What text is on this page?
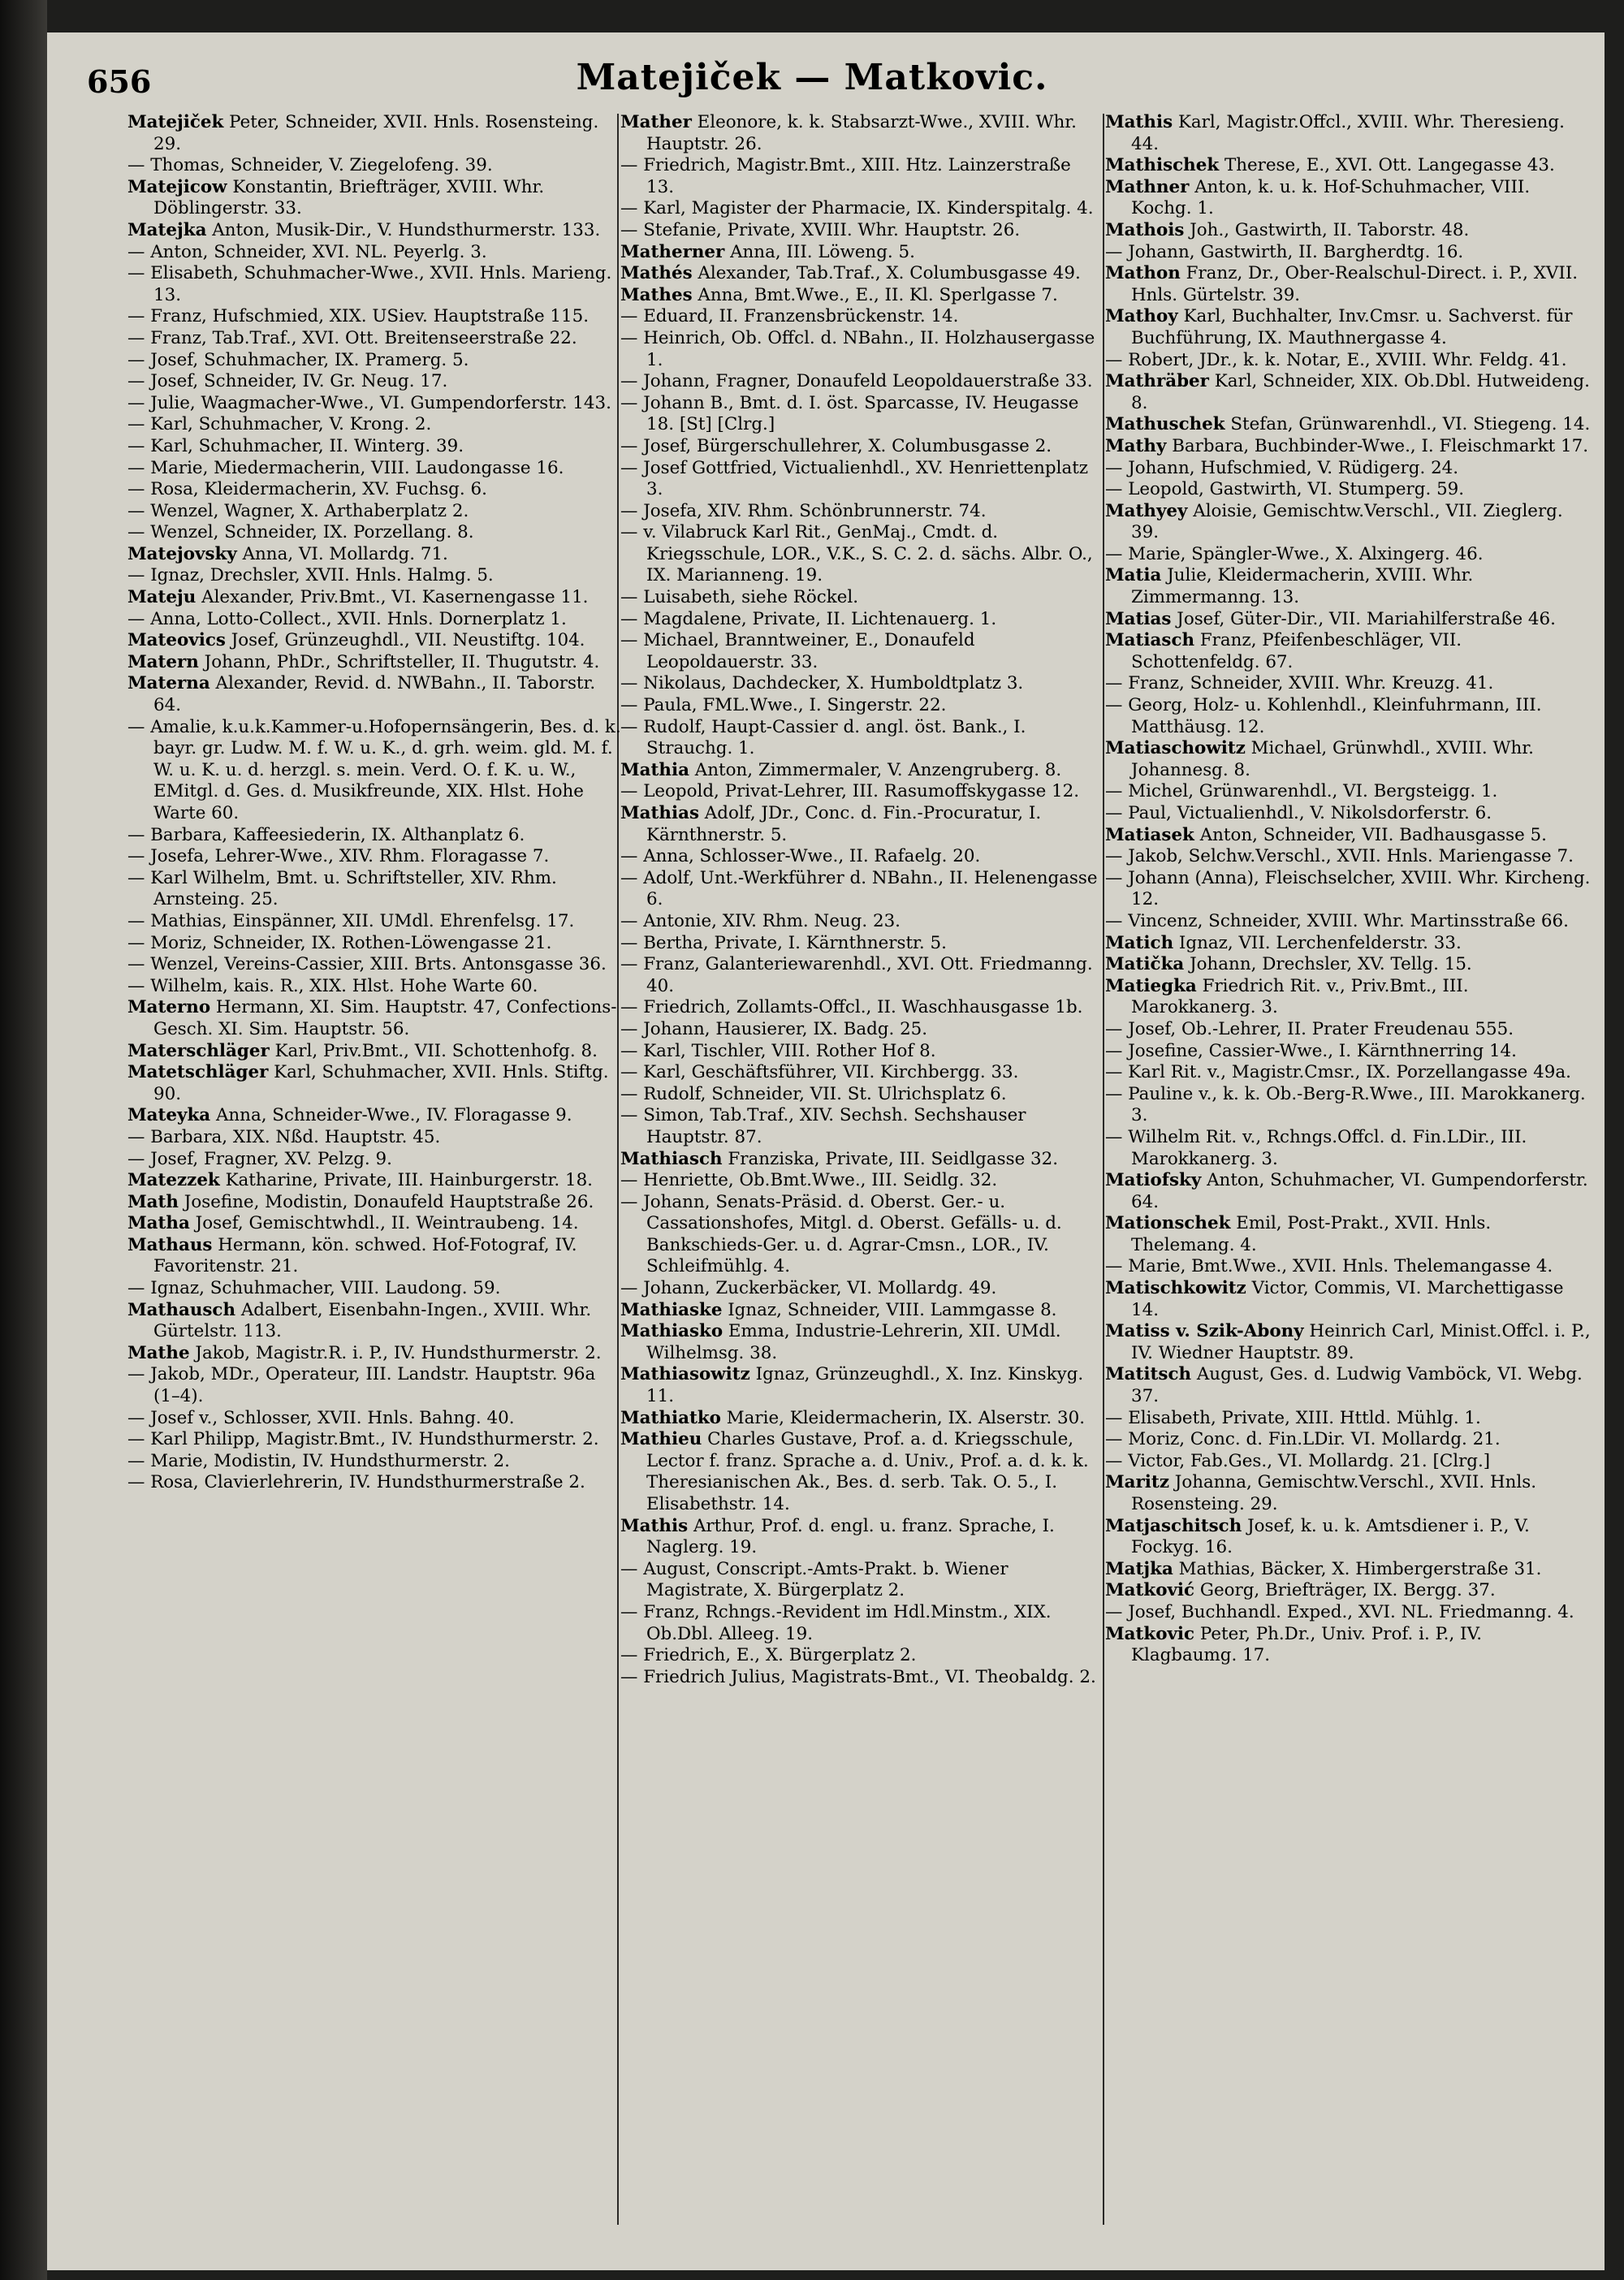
656	Matejiček — Matkovic.

Matejiček Peter, Schneider, XVII. Hnls. Rosensteing. 29.

— Thomas, Schneider, V. Ziegelofeng. 39.

Matejicow Konstantin, Briefträger, XVIII. Whr. Döblingerstr. 33.

Matejka Anton, Musik-Dir., V. Hundsthurmerstr. 133.

— Anton, Schneider, XVI. NL. Peyerlg. 3.

— Elisabeth, Schuhmacher-Wwe., XVII. Hnls. Marieng. 13.

— Franz, Hufschmied, XIX. USiev. Hauptstraße 115.

— Franz, Tab.Traf., XVI. Ott. Breitenseerstraße 22.

— Josef, Schuhmacher, IX. Pramerg. 5.

— Josef, Schneider, IV. Gr. Neug. 17.

— Julie, Waagmacher-Wwe., VI. Gumpendorferstr. 143.

— Karl, Schuhmacher, V. Krong. 2.

— Karl, Schuhmacher, II. Winterg. 39.

— Marie, Miedermacherin, VIII. Laudongasse 16.

— Rosa, Kleidermacherin, XV. Fuchsg. 6.

— Wenzel, Wagner, X. Arthaberplatz 2.

— Wenzel, Schneider, IX. Porzellang. 8.

Matejovsky Anna, VI. Mollardg. 71.

— Ignaz, Drechsler, XVII. Hnls. Halmg. 5.

Mateju Alexander, Priv.Bmt., VI. Kasernengasse 11.

— Anna, Lotto-Collect., XVII. Hnls. Dornerplatz 1.

Mateovics Josef, Grünzeughdl., VII. Neustiftg. 104.

Matern Johann, PhDr., Schriftsteller, II. Thugutstr. 4.

Materna Alexander, Revid. d. NWBahn., II. Taborstr. 64.

— Amalie, k.u.k.Kammer-u.Hofopernsängerin, Bes. d. k. bayr. gr. Ludw. M. f. W. u. K., d. grh. weim. gld. M. f. W. u. K. u. d. herzgl. s. mein. Verd. O. f. K. u. W., EMitgl. d. Ges. d. Musikfreunde, XIX. Hlst. Hohe Warte 60.

— Barbara, Kaffeesiederin, IX. Althanplatz 6.

— Josefa, Lehrer-Wwe., XIV. Rhm. Floragasse 7.

— Karl Wilhelm, Bmt. u. Schriftsteller, XIV. Rhm. Arnsteing. 25.

— Mathias, Einspänner, XII. UMdl. Ehrenfelsg. 17.

— Moriz, Schneider, IX. Rothen-Löwengasse 21.

— Wenzel, Vereins-Cassier, XIII. Brts. Antonsgasse 36.

— Wilhelm, kais. R., XIX. Hlst. Hohe Warte 60.

Materno Hermann, XI. Sim. Hauptstr. 47, Confections-Gesch. XI. Sim. Hauptstr. 56.

Materschläger Karl, Priv.Bmt., VII. Schottenhofg. 8.

Matetschläger Karl, Schuhmacher, XVII. Hnls. Stiftg. 90.

Mateyka Anna, Schneider-Wwe., IV. Floragasse 9.

— Barbara, XIX. Nßd. Hauptstr. 45.

— Josef, Fragner, XV. Pelzg. 9.

Matezzek Katharine, Private, III. Hainburgerstr. 18.

Math Josefine, Modistin, Donaufeld Hauptstraße 26.

Matha Josef, Gemischtwhdl., II. Weintraubeng. 14.

Mathaus Hermann, kön. schwed. Hof-Fotograf, IV. Favoritenstr. 21.

— Ignaz, Schuhmacher, VIII. Laudong. 59.

Mathausch Adalbert, Eisenbahn-Ingen., XVIII. Whr. Gürtelstr. 113.

Mathe Jakob, Magistr.R. i. P., IV. Hundsthurmerstr. 2.

— Jakob, MDr., Operateur, III. Landstr. Hauptstr. 96a (1–4).

— Josef v., Schlosser, XVII. Hnls. Bahng. 40.

— Karl Philipp, Magistr.Bmt., IV. Hundsthurmerstr. 2.

— Marie, Modistin, IV. Hundsthurmerstr. 2.

— Rosa, Clavierlehrerin, IV. Hundsthurmerstraße 2.

Mather Eleonore, k. k. Stabsarzt-Wwe., XVIII. Whr. Hauptstr. 26.

— Friedrich, Magistr.Bmt., XIII. Htz. Lainzerstraße 13.

— Karl, Magister der Pharmacie, IX. Kinderspitalg. 4.

— Stefanie, Private, XVIII. Whr. Hauptstr. 26.

Matherner Anna, III. Löweng. 5.

Mathés Alexander, Tab.Traf., X. Columbusgasse 49.

Mathes Anna, Bmt.Wwe., E., II. Kl. Sperlgasse 7.

— Eduard, II. Franzensbrückenstr. 14.

— Heinrich, Ob. Offcl. d. NBahn., II. Holzhausergasse 1.

— Johann, Fragner, Donaufeld Leopoldauerstraße 33.

— Johann B., Bmt. d. I. öst. Sparcasse, IV. Heugasse 18. [St] [Clrg.]

— Josef, Bürgerschullehrer, X. Columbusgasse 2.

— Josef Gottfried, Victualienhdl., XV. Henriettenplatz 3.

— Josefa, XIV. Rhm. Schönbrunnerstr. 74.

— v. Vilabruck Karl Rit., GenMaj., Cmdt. d. Kriegsschule, LOR., V.K., S. C. 2. d. sächs. Albr. O., IX. Marianneng. 19.

— Luisabeth, siehe Röckel.

— Magdalene, Private, II. Lichtenauerg. 1.

— Michael, Branntweiner, E., Donaufeld Leopoldauerstr. 33.

— Nikolaus, Dachdecker, X. Humboldtplatz 3.

— Paula, FML.Wwe., I. Singerstr. 22.

— Rudolf, Haupt-Cassier d. angl. öst. Bank., I. Strauchg. 1.

Mathia Anton, Zimmermaler, V. Anzengruberg. 8.

— Leopold, Privat-Lehrer, III. Rasumoffskygasse 12.

Mathias Adolf, JDr., Conc. d. Fin.-Procuratur, I. Kärnthnerstr. 5.

— Anna, Schlosser-Wwe., II. Rafaelg. 20.

— Adolf, Unt.-Werkführer d. NBahn., II. Helenengasse 6.

— Antonie, XIV. Rhm. Neug. 23.

— Bertha, Private, I. Kärnthnerstr. 5.

— Franz, Galanteriewarenhdl., XVI. Ott. Friedmanng. 40.

— Friedrich, Zollamts-Offcl., II. Waschhausgasse 1b.

— Johann, Hausierer, IX. Badg. 25.

— Karl, Tischler, VIII. Rother Hof 8.

— Karl, Geschäftsführer, VII. Kirchbergg. 33.

— Rudolf, Schneider, VII. St. Ulrichsplatz 6.

— Simon, Tab.Traf., XIV. Sechsh. Sechshauser Hauptstr. 87.

Mathiasch Franziska, Private, III. Seidlgasse 32.

— Henriette, Ob.Bmt.Wwe., III. Seidlg. 32.

— Johann, Senats-Präsid. d. Oberst. Ger.- u. Cassationshofes, Mitgl. d. Oberst. Gefälls- u. d. Bankschieds-Ger. u. d. Agrar-Cmsn., LOR., IV. Schleifmühlg. 4.

— Johann, Zuckerbäcker, VI. Mollardg. 49.

Mathiaske Ignaz, Schneider, VIII. Lammgasse 8.

Mathiasko Emma, Industrie-Lehrerin, XII. UMdl. Wilhelmsg. 38.

Mathiasowitz Ignaz, Grünzeughdl., X. Inz. Kinskyg. 11.

Mathiatko Marie, Kleidermacherin, IX. Alserstr. 30.

Mathieu Charles Gustave, Prof. a. d. Kriegsschule, Lector f. franz. Sprache a. d. Univ., Prof. a. d. k. k. Theresianischen Ak., Bes. d. serb. Tak. O. 5., I. Elisabethstr. 14.

Mathis Arthur, Prof. d. engl. u. franz. Sprache, I. Naglerg. 19.

— August, Conscript.-Amts-Prakt. b. Wiener Magistrate, X. Bürgerplatz 2.

— Franz, Rchngs.-Revident im Hdl.Minstm., XIX. Ob.Dbl. Alleeg. 19.

— Friedrich, E., X. Bürgerplatz 2.

— Friedrich Julius, Magistrats-Bmt., VI. Theobaldg. 2.

Mathis Karl, Magistr.Offcl., XVIII. Whr. Theresieng. 44.

Mathischek Therese, E., XVI. Ott. Langegasse 43.

Mathner Anton, k. u. k. Hof-Schuhmacher, VIII. Kochg. 1.

Mathois Joh., Gastwirth, II. Taborstr. 48.

— Johann, Gastwirth, II. Bargherdtg. 16.

Mathon Franz, Dr., Ober-Realschul-Direct. i. P., XVII. Hnls. Gürtelstr. 39.

Mathoy Karl, Buchhalter, Inv.Cmsr. u. Sachverst. für Buchführung, IX. Mauthnergasse 4.

— Robert, JDr., k. k. Notar, E., XVIII. Whr. Feldg. 41.

Mathräber Karl, Schneider, XIX. Ob.Dbl. Hutweideng. 8.

Mathuschek Stefan, Grünwarenhdl., VI. Stiegeng. 14.

Mathy Barbara, Buchbinder-Wwe., I. Fleischmarkt 17.

— Johann, Hufschmied, V. Rüdigerg. 24.

— Leopold, Gastwirth, VI. Stumperg. 59.

Mathyey Aloisie, Gemischtw.Verschl., VII. Zieglerg. 39.

— Marie, Spängler-Wwe., X. Alxingerg. 46.

Matia Julie, Kleidermacherin, XVIII. Whr. Zimmermanng. 13.

Matias Josef, Güter-Dir., VII. Mariahilferstraße 46.

Matiasch Franz, Pfeifenbeschläger, VII. Schottenfeldg. 67.

— Franz, Schneider, XVIII. Whr. Kreuzg. 41.

— Georg, Holz- u. Kohlenhdl., Kleinfuhrmann, III. Matthäusg. 12.

Matiaschowitz Michael, Grünwhdl., XVIII. Whr. Johannesg. 8.

— Michel, Grünwarenhdl., VI. Bergsteigg. 1.

— Paul, Victualienhdl., V. Nikolsdorferstr. 6.

Matiasek Anton, Schneider, VII. Badhausgasse 5.

— Jakob, Selchw.Verschl., XVII. Hnls. Mariengasse 7.

— Johann (Anna), Fleischselcher, XVIII. Whr. Kircheng. 12.

— Vincenz, Schneider, XVIII. Whr. Martinsstraße 66.

Matich Ignaz, VII. Lerchenfelderstr. 33.

Matička Johann, Drechsler, XV. Tellg. 15.

Matiegka Friedrich Rit. v., Priv.Bmt., III. Marokkanerg. 3.

— Josef, Ob.-Lehrer, II. Prater Freudenau 555.

— Josefine, Cassier-Wwe., I. Kärnthnerring 14.

— Karl Rit. v., Magistr.Cmsr., IX. Porzellangasse 49a.

— Pauline v., k. k. Ob.-Berg-R.Wwe., III. Marokkanerg. 3.

— Wilhelm Rit. v., Rchngs.Offcl. d. Fin.LDir., III. Marokkanerg. 3.

Matiofsky Anton, Schuhmacher, VI. Gumpendorferstr. 64.

Mationschek Emil, Post-Prakt., XVII. Hnls. Thelemang. 4.

— Marie, Bmt.Wwe., XVII. Hnls. Thelemangasse 4.

Matischkowitz Victor, Commis, VI. Marchettigasse 14.

Matiss v. Szik-Abony Heinrich Carl, Minist.Offcl. i. P., IV. Wiedner Hauptstr. 89.

Matitsch August, Ges. d. Ludwig Vamböck, VI. Webg. 37.

— Elisabeth, Private, XIII. Httld. Mühlg. 1.

— Moriz, Conc. d. Fin.LDir. VI. Mollardg. 21.

— Victor, Fab.Ges., VI. Mollardg. 21. [Clrg.]

Maritz Johanna, Gemischtw.Verschl., XVII. Hnls. Rosensteing. 29.

Matjaschitsch Josef, k. u. k. Amtsdiener i. P., V. Fockyg. 16.

Matjka Mathias, Bäcker, X. Himbergerstraße 31.

Matković Georg, Briefträger, IX. Bergg. 37.

— Josef, Buchhandl. Exped., XVI. NL. Friedmanng. 4.

Matkovic Peter, Ph.Dr., Univ. Prof. i. P., IV. Klagbaumg. 17.
